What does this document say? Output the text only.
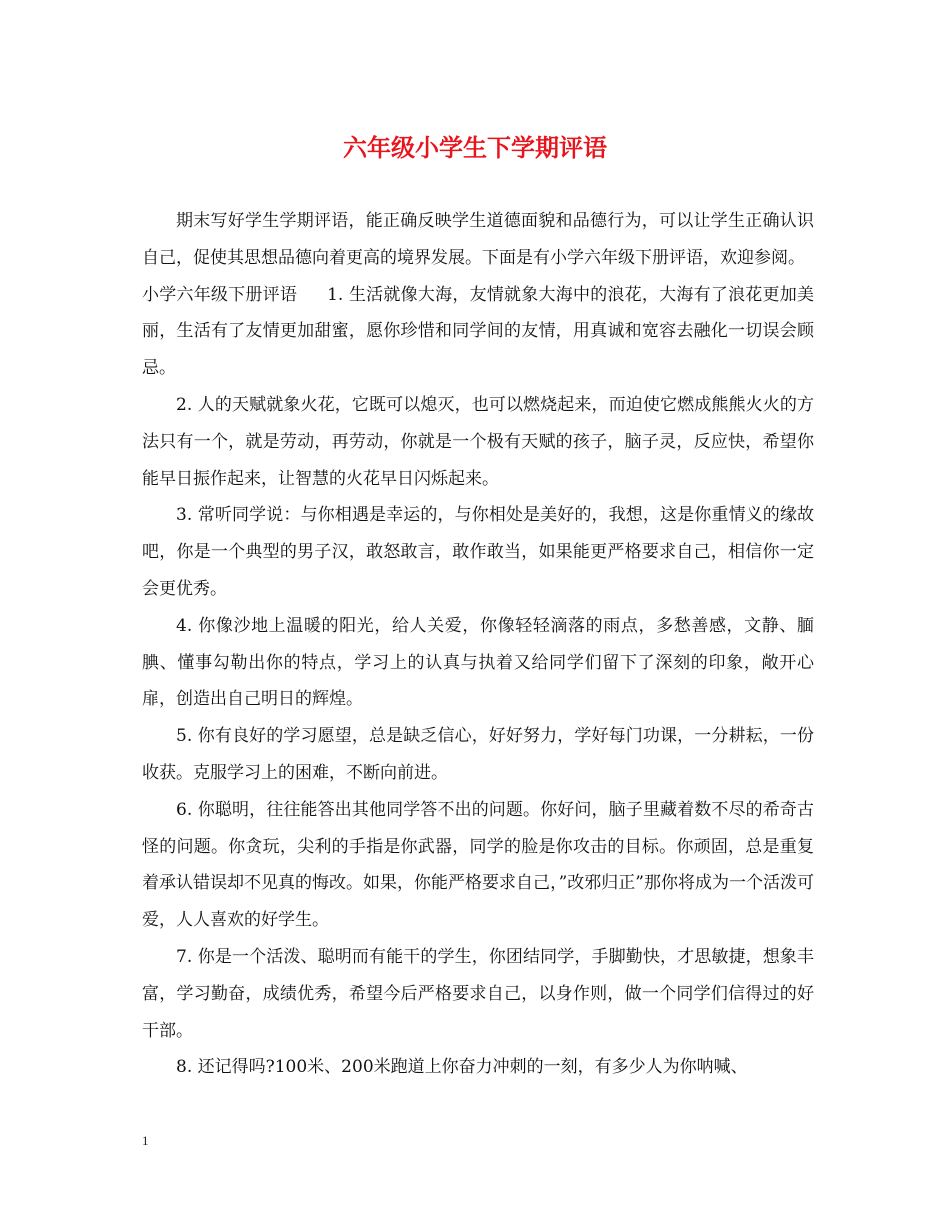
六年级小学生下学期评语

期末写好学生学期评语，能正确反映学生道德面貌和品德行为，可以让学生正确认识自己，促使其思想品德向着更高的境界发展。下面是有小学六年级下册评语，欢迎参阅。

小学六年级下册评语 1. 生活就像大海，友情就象大海中的浪花，大海有了浪花更加美丽，生活有了友情更加甜蜜，愿你珍惜和同学间的友情，用真诚和宽容去融化一切误会顾忌。

2. 人的天赋就象火花，它既可以熄灭，也可以燃烧起来，而迫使它燃成熊熊火火的方法只有一个，就是劳动，再劳动，你就是一个极有天赋的孩子，脑子灵，反应快，希望你能早日振作起来，让智慧的火花早日闪烁起来。

3. 常听同学说：与你相遇是幸运的，与你相处是美好的，我想，这是你重情义的缘故吧，你是一个典型的男子汉，敢怒敢言，敢作敢当，如果能更严格要求自己，相信你一定会更优秀。

4. 你像沙地上温暖的阳光，给人关爱，你像轻轻滴落的雨点，多愁善感，文静、腼腆、懂事勾勒出你的特点，学习上的认真与执着又给同学们留下了深刻的印象，敞开心扉，创造出自己明日的辉煌。

5. 你有良好的学习愿望，总是缺乏信心，好好努力，学好每门功课，一分耕耘，一份收获。克服学习上的困难，不断向前进。

6. 你聪明，往往能答出其他同学答不出的问题。你好问，脑子里藏着数不尽的希奇古怪的问题。你贪玩，尖利的手指是你武器，同学的脸是你攻击的目标。你顽固，总是重复着承认错误却不见真的悔改。如果，你能严格要求自己，”改邪归正”那你将成为一个活泼可爱，人人喜欢的好学生。

7. 你是一个活泼、聪明而有能干的学生，你团结同学，手脚勤快，才思敏捷，想象丰富，学习勤奋，成绩优秀，希望今后严格要求自己，以身作则，做一个同学们信得过的好干部。

8. 还记得吗?100米、200米跑道上你奋力冲刺的一刻，有多少人为你呐喊、

1
